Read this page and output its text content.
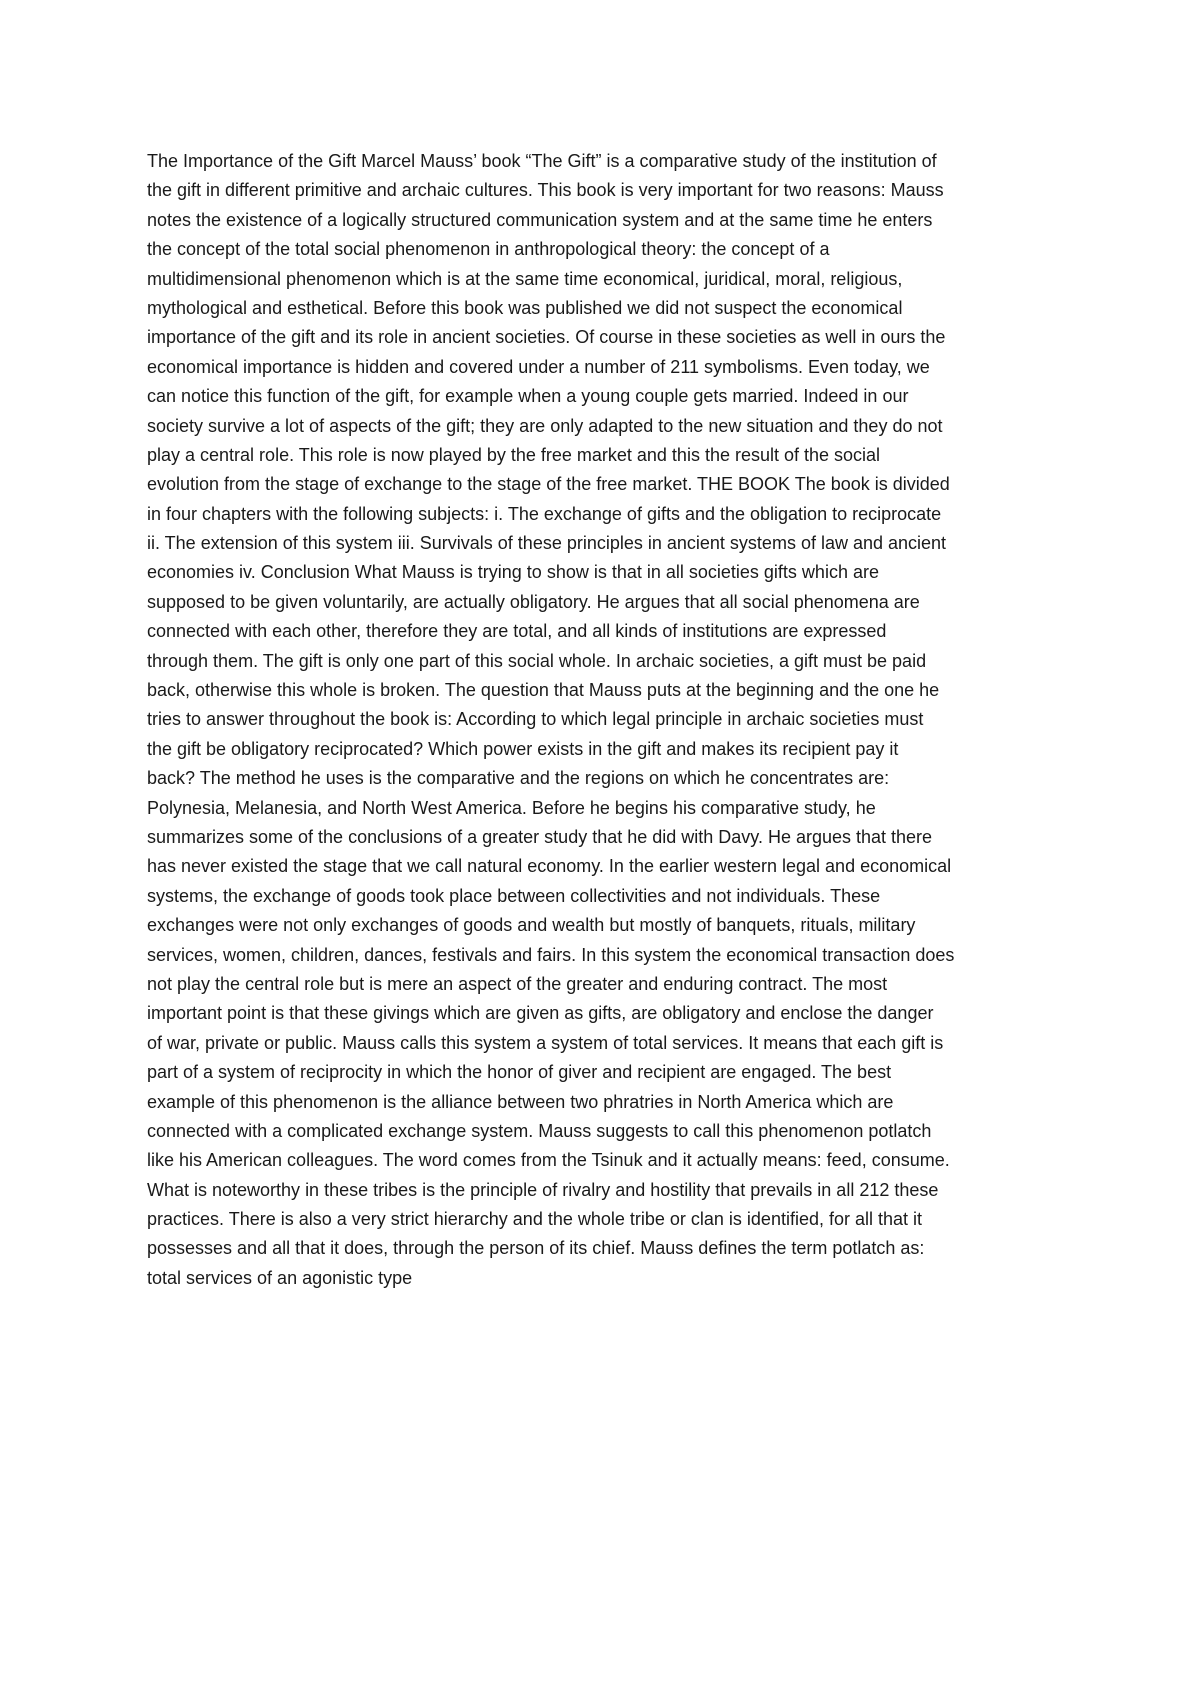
The Importance of the Gift Marcel Mauss’ book “The Gift” is a comparative study of the institution of
the gift in different primitive and archaic cultures. This book is very important for two reasons: Mauss
notes the existence of a logically structured communication system and at the same time he enters
the concept of the total social phenomenon in anthropological theory: the concept of a
multidimensional phenomenon which is at the same time economical, juridical, moral, religious,
mythological and esthetical. Before this book was published we did not suspect the economical
importance of the gift and its role in ancient societies. Of course in these societies as well in ours the
economical importance is hidden and covered under a number of 211 symbolisms. Even today, we
can notice this function of the gift, for example when a young couple gets married. Indeed in our
society survive a lot of aspects of the gift; they are only adapted to the new situation and they do not
play a central role. This role is now played by the free market and this the result of the social
evolution from the stage of exchange to the stage of the free market. THE BOOK The book is divided
in four chapters with the following subjects: i. The exchange of gifts and the obligation to reciprocate
ii. The extension of this system iii. Survivals of these principles in ancient systems of law and ancient
economies iv. Conclusion What Mauss is trying to show is that in all societies gifts which are
supposed to be given voluntarily, are actually obligatory. He argues that all social phenomena are
connected with each other, therefore they are total, and all kinds of institutions are expressed
through them. The gift is only one part of this social whole. In archaic societies, a gift must be paid
back, otherwise this whole is broken. The question that Mauss puts at the beginning and the one he
tries to answer throughout the book is: According to which legal principle in archaic societies must
the gift be obligatory reciprocated? Which power exists in the gift and makes its recipient pay it
back? The method he uses is the comparative and the regions on which he concentrates are:
Polynesia, Melanesia, and North West America. Before he begins his comparative study, he
summarizes some of the conclusions of a greater study that he did with Davy. He argues that there
has never existed the stage that we call natural economy. In the earlier western legal and economical
systems, the exchange of goods took place between collectivities and not individuals. These
exchanges were not only exchanges of goods and wealth but mostly of banquets, rituals, military
services, women, children, dances, festivals and fairs. In this system the economical transaction does
not play the central role but is mere an aspect of the greater and enduring contract. The most
important point is that these givings which are given as gifts, are obligatory and enclose the danger
of war, private or public. Mauss calls this system a system of total services. It means that each gift is
part of a system of reciprocity in which the honor of giver and recipient are engaged. The best
example of this phenomenon is the alliance between two phratries in North America which are
connected with a complicated exchange system. Mauss suggests to call this phenomenon potlatch
like his American colleagues. The word comes from the Tsinuk and it actually means: feed, consume.
What is noteworthy in these tribes is the principle of rivalry and hostility that prevails in all 212 these
practices. There is also a very strict hierarchy and the whole tribe or clan is identified, for all that it
possesses and all that it does, through the person of its chief. Mauss defines the term potlatch as:
total services of an agonistic type
